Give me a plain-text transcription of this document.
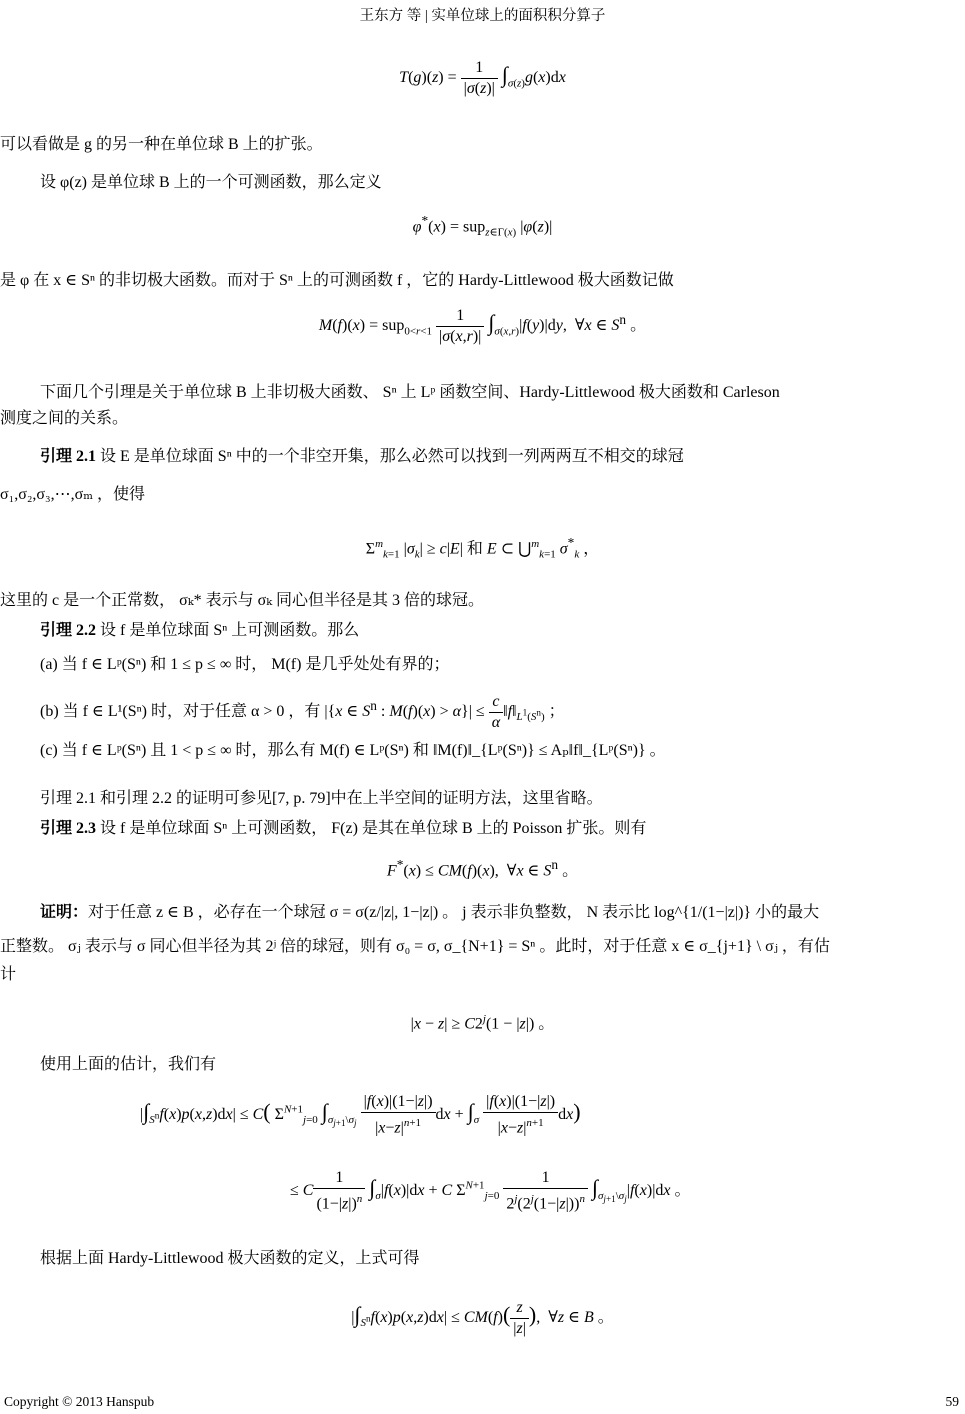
王东方 等 | 实单位球上的面积积分算子
$T(g)(z) = \frac{1}{|\sigma(z)|} \int_{\sigma(z)}g(x)dx$
可以看做是 g 的另一种在单位球 B 上的扩张。
设 φ(z) 是单位球 B 上的一个可测函数，那么定义
φ*(x) = sup$_{z\in\Gamma(x)}$ |φ(z)|
是 φ 在 x ∈ Sⁿ 的非切极大函数。而对于 Sⁿ 上的可测函数 f ，它的 Hardy-Littlewood 极大函数记做
$M(f)(x) = sup_{0<r<1} \frac{1}{|\sigma(x,r)|} \int_{\sigma(x,r)}|f(y)|dy$,  ∀x ∈ $S^n$ 。
下面几个引理是关于单位球 B 上非切极大函数、 Sⁿ 上 Lᵖ 函数空间、Hardy-Littlewood 极大函数和 Carleson
测度之间的关系。
引理 2.1 设 E 是单位球面 Sⁿ 中的一个非空开集，那么必然可以找到一列两两互不相交的球冠
σ₁,σ₂,σ₃,⋯,σₘ ，使得
$\Sigma^m_{k=1}$ $|\sigma_k| \ge c|E|$ 和 E ⊂ ⋃$^m_{k=1}$ $\sigma^*_k$ ，
这里的 c 是一个正常数， σₖ* 表示与 σₖ 同心但半径是其 3 倍的球冠。
引理 2.2 设 f 是单位球面 Sⁿ 上可测函数。那么
(a) 当 f ∈ Lᵖ(Sⁿ) 和 1 ≤ p ≤ ∞ 时， M(f) 是几乎处处有界的；
(b) 当 f ∈ L¹(Sⁿ) 时，对于任意 α > 0 ，有 |{x ∈ $S^n$ : $M(f)(x) > \alpha\}| \le \frac{c}{\alpha}$ $‖f‖_{L^1(S^n)}$ ；
(c) 当 f ∈ Lᵖ(Sⁿ) 且 1 < p ≤ ∞ 时，那么有 M(f) ∈ Lᵖ(Sⁿ) 和 ‖M(f)‖_{Lᵖ(Sⁿ)} ≤ Aₚ‖f‖_{Lᵖ(Sⁿ)} 。
引理 2.1 和引理 2.2 的证明可参见[7, p. 79]中在上半空间的证明方法，这里省略。
引理 2.3 设 f 是单位球面 Sⁿ 上可测函数， F(z) 是其在单位球 B 上的 Poisson 扩张。则有
F*(x) ≤ CM(f)(x),  ∀x ∈ $S^n$ 。
证明：对于任意 z ∈ B ，必存在一个球冠 σ = σ(z/|z|, 1−|z|) 。 j 表示非负整数， N 表示比 log^{1/(1−|z|)} 小的最大
正整数。 σⱼ 表示与 σ 同心但半径为其 2ʲ 倍的球冠，则有 σ₀ = σ, σ_{N+1} = Sⁿ 。此时，对于任意 x ∈ σ_{j+1} \ σⱼ ，有估
计
$|x - z| \ge C2^j(1 - |z|)$ 。
使用上面的估计，我们有
$|\int_{S^n}f(x)p(x,z)dx| \le C$( $\Sigma^{N+1}_{j=0}$ $\int_{\sigma_{j+1}\backslash\sigma_j} \frac{|f(x)|(1-|z|)}{|x-z|^{n+1}}$ dx + $\int_\sigma \frac{|f(x)|(1-|z|)}{|x-z|^{n+1}} dx$)
≤ C $\frac{1}{(1-|z|)^n} \int_\sigma|f(x)|dx + C$ $\Sigma^{N+1}_{j=0} \frac{1}{2^j(2^j(1-|z|))^n} \int_{\sigma_{j+1}\backslash\sigma_j}|f(x)|dx$ 。
根据上面 Hardy-Littlewood 极大函数的定义，上式可得
$|\int_{S^n}f(x)p(x,z)dx| \le CM(f)( \frac{z}{|z|}$ ),  ∀z ∈ B 。
Copyright © 2013 Hanspub	59
